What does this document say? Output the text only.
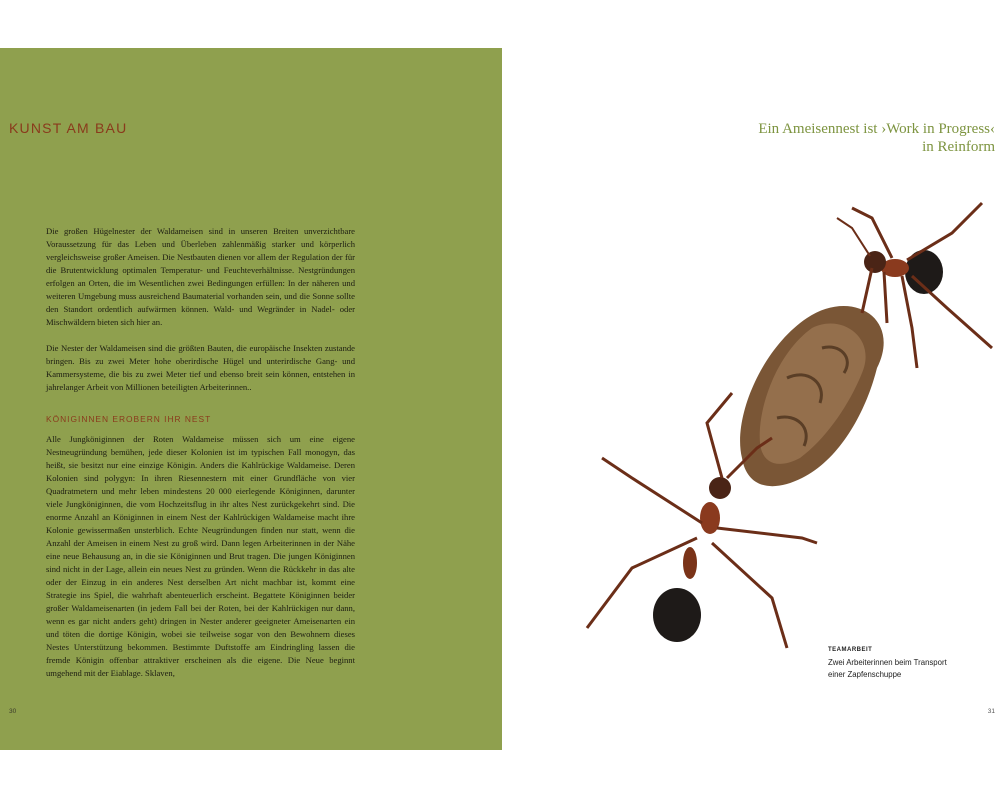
KUNST AM BAU
Die großen Hügelnester der Waldameisen sind in unseren Breiten unverzichtbare Voraussetzung für das Leben und Überleben zahlenmäßig starker und körperlich vergleichsweise großer Ameisen. Die Nestbauten dienen vor allem der Regulation der für die Brutentwicklung optimalen Temperatur- und Feuchteverhältnisse. Nestgründungen erfolgen an Orten, die im Wesentlichen zwei Bedingungen erfüllen: In der näheren und weiteren Umgebung muss ausreichend Baumaterial vorhanden sein, und die Sonne sollte den Standort ordentlich aufwärmen können. Wald- und Wegränder in Nadel- oder Mischwäldern bieten sich hier an.
Die Nester der Waldameisen sind die größten Bauten, die europäische Insekten zustande bringen. Bis zu zwei Meter hohe oberirdische Hügel und unterirdische Gang- und Kammersysteme, die bis zu zwei Meter tief und ebenso breit sein können, entstehen in jahrelanger Arbeit von Millionen beteiligten Arbeiterinnen..
KÖNIGINNEN EROBERN IHR NEST
Alle Jungköniginnen der Roten Waldameise müssen sich um eine eigene Nestneugründung bemühen, jede dieser Kolonien ist im typischen Fall monogyn, das heißt, sie besitzt nur eine einzige Königin. Anders die Kahlrückige Waldameise. Deren Kolonien sind polygyn: In ihren Riesennestern mit einer Grundfläche von vier Quadratmetern und mehr leben mindestens 20 000 eierlegende Königinnen, darunter viele Jungköniginnen, die vom Hochzeitsflug in ihr altes Nest zurückgekehrt sind. Die enorme Anzahl an Königinnen in einem Nest der Kahlrückigen Waldameise macht ihre Kolonie gewissermaßen unsterblich. Echte Neugründungen finden nur statt, wenn die Anzahl der Ameisen in einem Nest zu groß wird. Dann legen Arbeiterinnen in der Nähe eine neue Behausung an, in die sie Königinnen und Brut tragen. Die jungen Königinnen sind nicht in der Lage, allein ein neues Nest zu gründen. Wenn die Rückkehr in das alte oder der Einzug in ein anderes Nest derselben Art nicht machbar ist, kommt eine Strategie ins Spiel, die wahrhaft abenteuerlich erscheint. Begattete Königinnen beider großer Waldameisenarten (in jedem Fall bei der Roten, bei der Kahlrückigen nur dann, wenn es gar nicht anders geht) dringen in Nester anderer geeigneter Ameisenarten ein und töten die dortige Königin, wobei sie teilweise sogar von den Bewohnern dieses Nestes Unterstützung bekommen. Bestimmte Duftstoffe am Eindringling lassen die fremde Königin offenbar attraktiver erscheinen als die eigene. Die Neue beginnt umgehend mit der Eiablage. Sklaven,
30
Ein Ameisennest ist ›Work in Progress‹
in Reinform
TEAMARBEIT
Zwei Arbeiterinnen beim Transport
einer Zapfenschuppe
31
